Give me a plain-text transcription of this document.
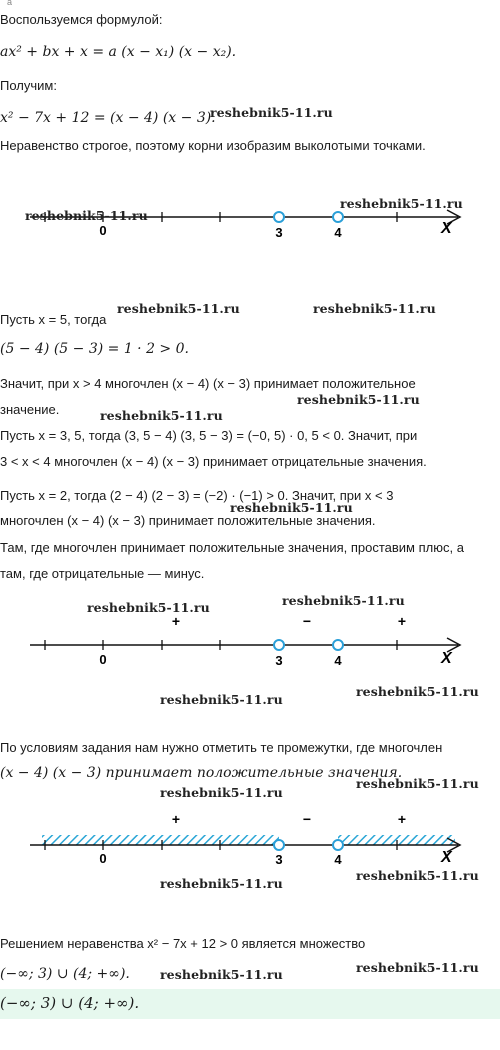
a
Воспользуемся формулой:
ax² + bx + x = a (x − x₁) (x − x₂).
Получим:
x² − 7x + 12 = (x − 4) (x − 3).
Неравенство строгое, поэтому корни изобразим выколотыми точками.
0	3	4	X
Пусть x = 5, тогда
(5 − 4) (5 − 3) = 1 · 2 > 0.
Значит, при x > 4 многочлен (x − 4) (x − 3) принимает положительное
значение.
Пусть x = 3, 5, тогда (3, 5 − 4) (3, 5 − 3) = (−0, 5) · 0, 5 < 0. Значит, при
3 < x < 4 многочлен (x − 4) (x − 3) принимает отрицательные значения.
Пусть x = 2, тогда (2 − 4) (2 − 3) = (−2) · (−1) > 0. Значит, при x < 3
многочлен (x − 4) (x − 3) принимает положительные значения.
Там, где многочлен принимает положительные значения, проставим плюс, а
там, где отрицательные — минус.
+	−	+
0	3	4	X
По условиям задания нам нужно отметить те промежутки, где многочлен
(x − 4) (x − 3) принимает положительные значения.
+	−	+
0	3	4	X
Решением неравенства x² − 7x + 12 > 0 является множество
(−∞; 3) ∪ (4; +∞).
(−∞; 3) ∪ (4; +∞).
reshebnik5-11.ru
reshebnik5-11.ru
reshebnik5-11.ru
reshebnik5-11.ru	reshebnik5-11.ru
reshebnik5-11.ru
reshebnik5-11.ru
reshebnik5-11.ru
reshebnik5-11.ru	reshebnik5-11.ru
reshebnik5-11.ru
reshebnik5-11.ru
reshebnik5-11.ru
reshebnik5-11.ru
reshebnik5-11.ru
reshebnik5-11.ru
reshebnik5-11.ru	reshebnik5-11.ru
